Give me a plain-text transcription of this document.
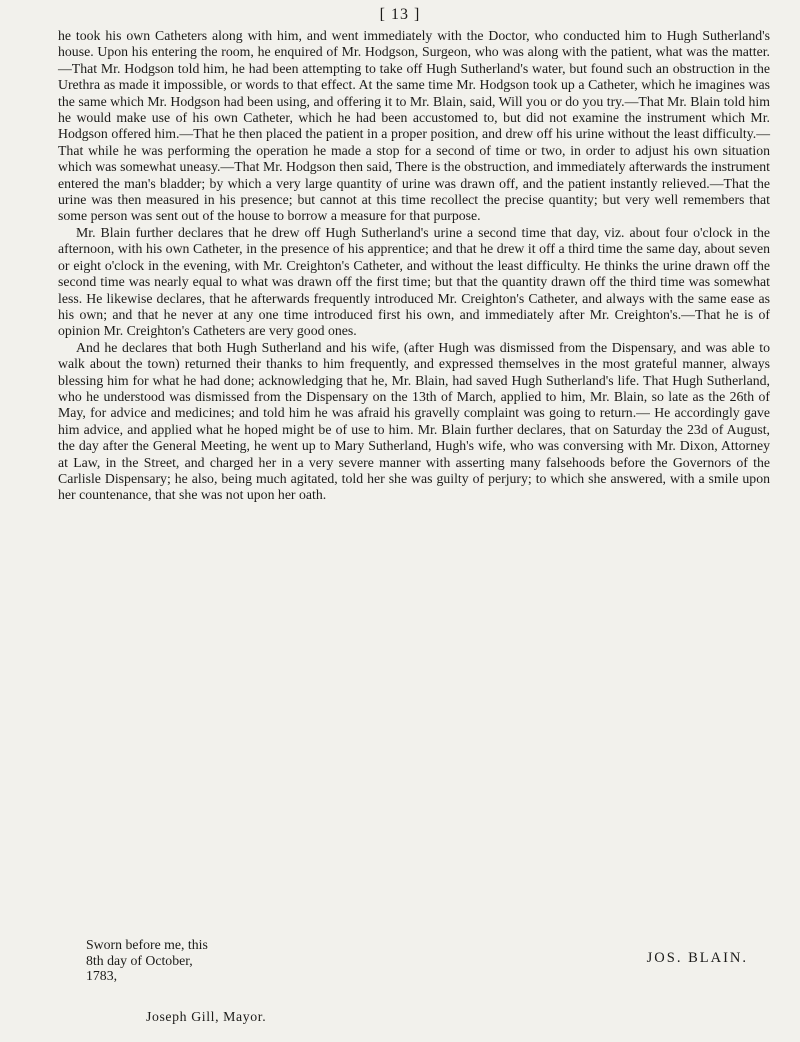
[ 13 ]

he took his own Catheters along with him, and went immediately with the Doctor, who conducted him to Hugh Sutherland's house. Upon his entering the room, he enquired of Mr. Hodgson, Surgeon, who was along with the patient, what was the matter.—That Mr. Hodgson told him, he had been attempting to take off Hugh Sutherland's water, but found such an obstruction in the Urethra as made it impossible, or words to that effect. At the same time Mr. Hodgson took up a Catheter, which he imagines was the same which Mr. Hodgson had been using, and offering it to Mr. Blain, said, Will you or do you try.—That Mr. Blain told him he would make use of his own Catheter, which he had been accustomed to, but did not examine the instrument which Mr. Hodgson offered him.—That he then placed the patient in a proper position, and drew off his urine without the least difficulty.—That while he was performing the operation he made a stop for a second of time or two, in order to adjust his own situation which was somewhat uneasy.—That Mr. Hodgson then said, There is the obstruction, and immediately afterwards the instrument entered the man's bladder; by which a very large quantity of urine was drawn off, and the patient instantly relieved.—That the urine was then measured in his presence; but cannot at this time recollect the precise quantity; but very well remembers that some person was sent out of the house to borrow a measure for that purpose.

Mr. Blain further declares that he drew off Hugh Sutherland's urine a second time that day, viz. about four o'clock in the afternoon, with his own Catheter, in the presence of his apprentice; and that he drew it off a third time the same day, about seven or eight o'clock in the evening, with Mr. Creighton's Catheter, and without the least difficulty. He thinks the urine drawn off the second time was nearly equal to what was drawn off the first time; but that the quantity drawn off the third time was somewhat less. He likewise declares, that he afterwards frequently introduced Mr. Creighton's Catheter, and always with the same ease as his own; and that he never at any one time introduced first his own, and immediately after Mr. Creighton's.—That he is of opinion Mr. Creighton's Catheters are very good ones.

And he declares that both Hugh Sutherland and his wife, (after Hugh was dismissed from the Dispensary, and was able to walk about the town) returned their thanks to him frequently, and expressed themselves in the most grateful manner, always blessing him for what he had done; acknowledging that he, Mr. Blain, had saved Hugh Sutherland's life. That Hugh Sutherland, who he understood was dismissed from the Dispensary on the 13th of March, applied to him, Mr. Blain, so late as the 26th of May, for advice and medicines; and told him he was afraid his gravelly complaint was going to return.— He accordingly gave him advice, and applied what he hoped might be of use to him. Mr. Blain further declares, that on Saturday the 23d of August, the day after the General Meeting, he went up to Mary Sutherland, Hugh's wife, who was conversing with Mr. Dixon, Attorney at Law, in the Street, and charged her in a very severe manner with asserting many falsehoods before the Governors of the Carlisle Dispensary; he also, being much agitated, told her she was guilty of perjury; to which she answered, with a smile upon her countenance, that she was not upon her oath.

Sworn before me, this
8th day of October,
1783,
JOS. BLAIN.
Joseph Gill, Mayor.
